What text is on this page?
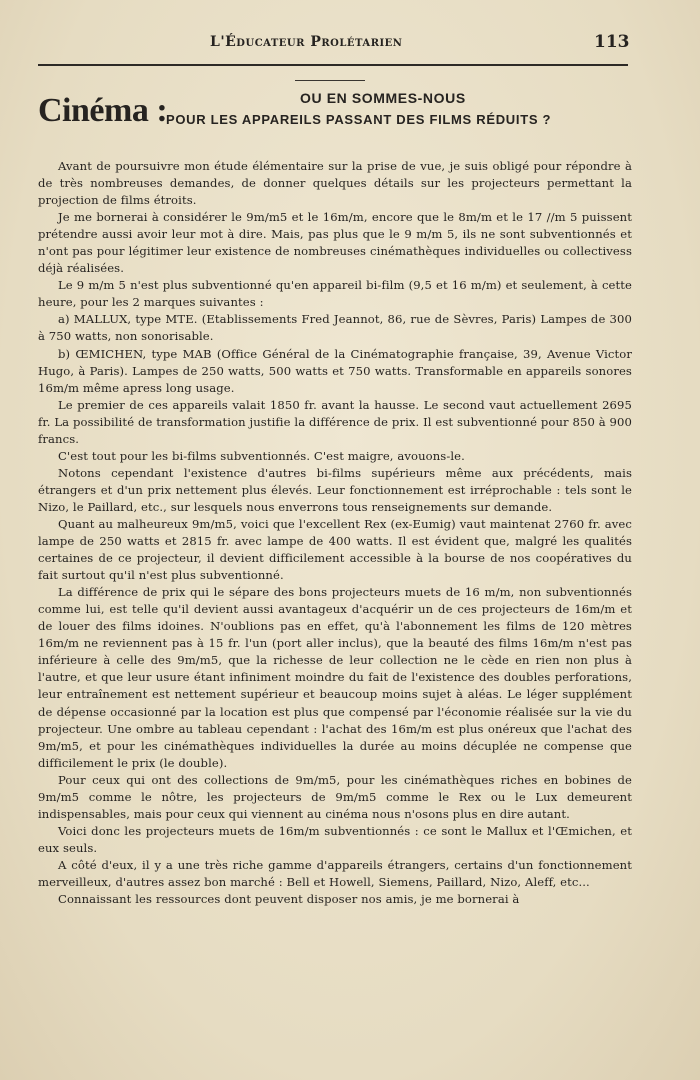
L'Éducateur Prolétarien	113
Cinéma :	OU EN SOMMES-NOUS
POUR LES APPAREILS PASSANT DES FILMS RÉDUITS ?

Avant de poursuivre mon étude élémentaire sur la prise de vue, je suis obligé pour répondre à de très nombreuses demandes, de donner quelques détails sur les projecteurs permettant la projection de films étroits.

Je me bornerai à considérer le 9m/m5 et le 16m/m, encore que le 8m/m et le 17 //m 5 puissent prétendre aussi avoir leur mot à dire. Mais, pas plus que le 9 m/m 5, ils ne sont subventionnés et n'ont pas pour légitimer leur existence de nombreuses cinémathèques individuelles ou collectivess déjà réalisées.

Le 9 m/m 5 n'est plus subventionné qu'en appareil bi-film (9,5 et 16 m/m) et seulement, à cette heure, pour les 2 marques suivantes :

a) MALLUX, type MTE. (Etablissements Fred Jeannot, 86, rue de Sèvres, Paris) Lampes de 300 à 750 watts, non sonorisable.

b) ŒMICHEN, type MAB (Office Général de la Cinématographie française, 39, Avenue Victor Hugo, à Paris). Lampes de 250 watts, 500 watts et 750 watts. Transformable en appareils sonores 16m/m même apress long usage.

Le premier de ces appareils valait 1850 fr. avant la hausse. Le second vaut actuellement 2695 fr. La possibilité de transformation justifie la différence de prix. Il est subventionné pour 850 à 900 francs.

C'est tout pour les bi-films subventionnés. C'est maigre, avouons-le.

Notons cependant l'existence d'autres bi-films supérieurs même aux précédents, mais étrangers et d'un prix nettement plus élevés. Leur fonctionnement est irréprochable : tels sont le Nizo, le Paillard, etc., sur lesquels nous enverrons tous renseignements sur demande.

Quant au malheureux 9m/m5, voici que l'excellent Rex (ex-Eumig) vaut maintenat 2760 fr. avec lampe de 250 watts et 2815 fr. avec lampe de 400 watts. Il est évident que, malgré les qualités certaines de ce projecteur, il devient difficilement accessible à la bourse de nos coopératives du fait surtout qu'il n'est plus subventionné.

La différence de prix qui le sépare des bons projecteurs muets de 16 m/m, non subventionnés comme lui, est telle qu'il devient aussi avantageux d'acquérir un de ces projecteurs de 16m/m et de louer des films idoines. N'oublions pas en effet, qu'à l'abonnement les films de 120 mètres 16m/m ne reviennent pas à 15 fr. l'un (port aller inclus), que la beauté des films 16m/m n'est pas inférieure à celle des 9m/m5, que la richesse de leur collection ne le cède en rien non plus à l'autre, et que leur usure étant infiniment moindre du fait de l'existence des doubles perforations, leur entraînement est nettement supérieur et beaucoup moins sujet à aléas. Le léger supplément de dépense occasionné par la location est plus que compensé par l'économie réalisée sur la vie du projecteur. Une ombre au tableau cependant : l'achat des 16m/m est plus onéreux que l'achat des 9m/m5, et pour les cinémathèques individuelles la durée au moins décuplée ne compense que difficilement le prix (le double).

Pour ceux qui ont des collections de 9m/m5, pour les cinémathèques riches en bobines de 9m/m5 comme le nôtre, les projecteurs de 9m/m5 comme le Rex ou le Lux demeurent indispensables, mais pour ceux qui viennent au cinéma nous n'osons plus en dire autant.

Voici donc les projecteurs muets de 16m/m subventionnés : ce sont le Mallux et l'Œmichen, et eux seuls.

A côté d'eux, il y a une très riche gamme d'appareils étrangers, certains d'un fonctionnement merveilleux, d'autres assez bon marché : Bell et Howell, Siemens, Paillard, Nizo, Aleff, etc...

Connaissant les ressources dont peuvent disposer nos amis, je me bornerai à
